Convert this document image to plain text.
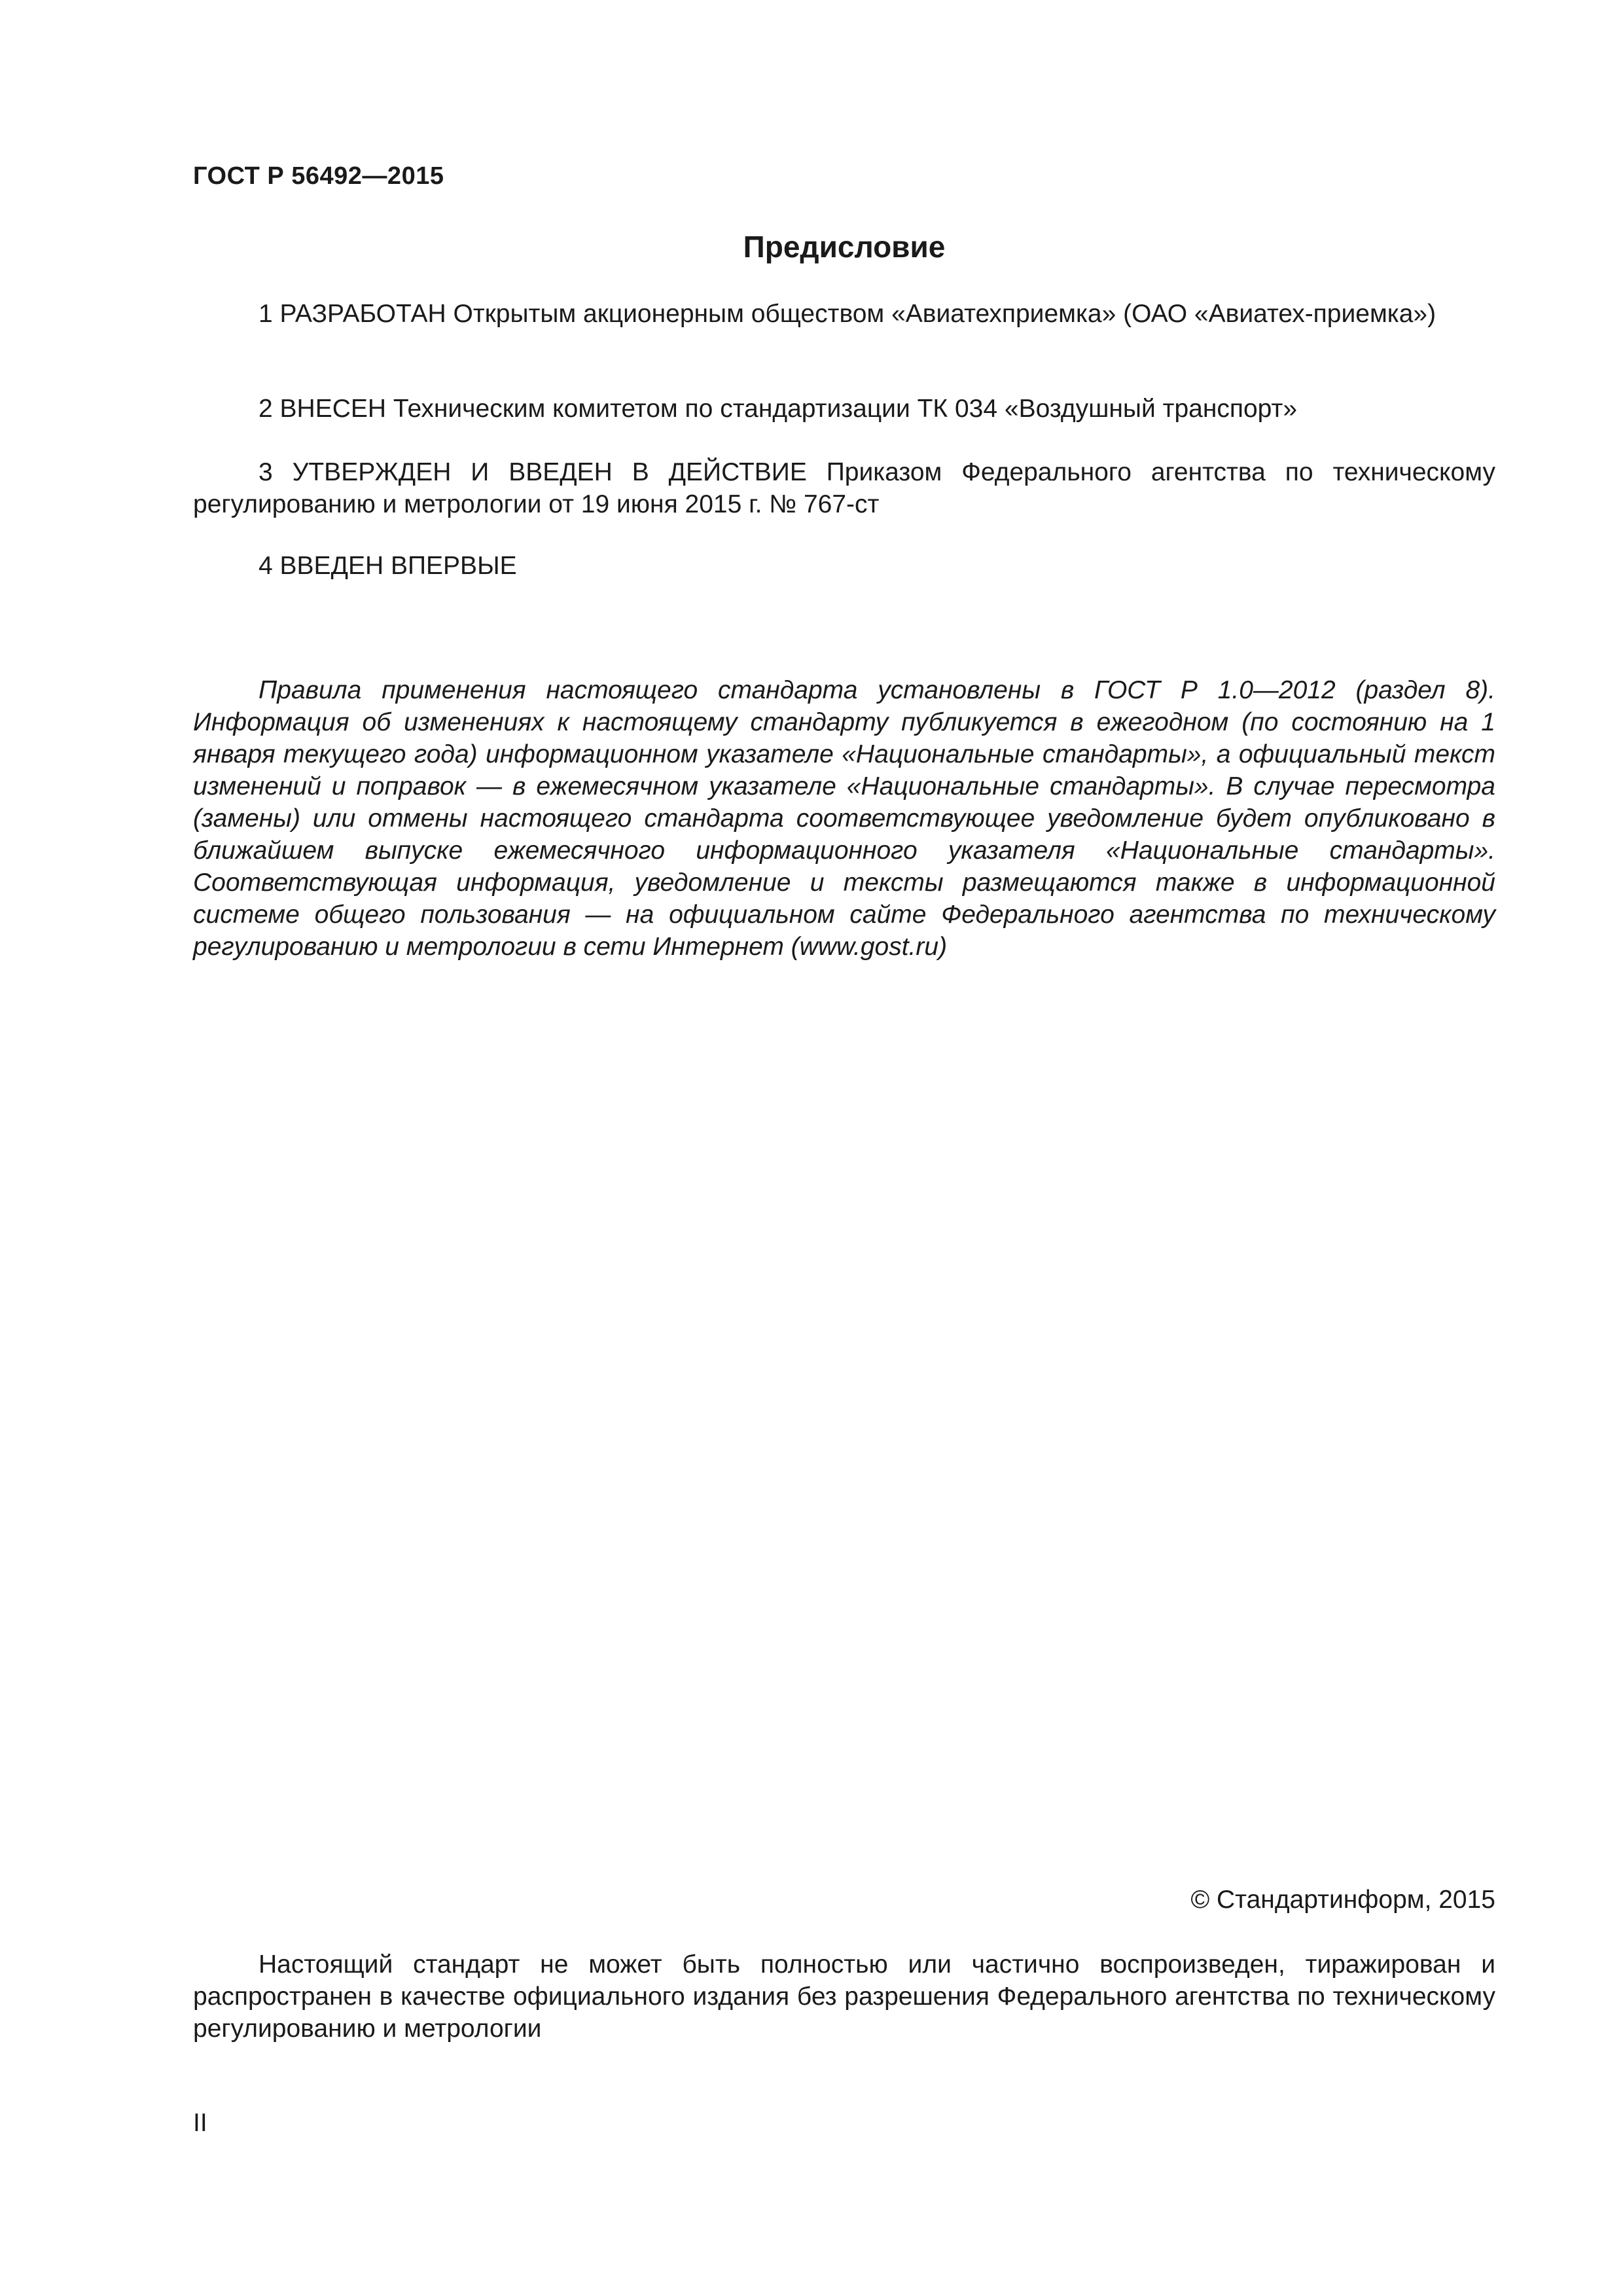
ГОСТ Р 56492—2015
Предисловие

1 РАЗРАБОТАН Открытым акционерным обществом «Авиатехприемка» (ОАО «Авиатех-приемка»)

2 ВНЕСЕН Техническим комитетом по стандартизации ТК 034 «Воздушный транспорт»

3 УТВЕРЖДЕН И ВВЕДЕН В ДЕЙСТВИЕ Приказом Федерального агентства по техническому регулированию и метрологии от 19 июня 2015 г. № 767-ст

4 ВВЕДЕН ВПЕРВЫЕ

Правила применения настоящего стандарта установлены в ГОСТ Р 1.0—2012 (раздел 8). Информация об изменениях к настоящему стандарту публикуется в ежегодном (по состоянию на 1 января текущего года) информационном указателе «Национальные стандарты», а официальный текст изменений и поправок — в ежемесячном указателе «Национальные стандарты». В случае пересмотра (замены) или отмены настоящего стандарта соответствующее уведомление будет опубликовано в ближайшем выпуске ежемесячного информационного указателя «Национальные стандарты». Соответствующая информация, уведомление и тексты размещаются также в информационной системе общего пользования — на официальном сайте Федерального агентства по техническому регулированию и метрологии в сети Интернет (www.gost.ru)

© Стандартинформ, 2015

Настоящий стандарт не может быть полностью или частично воспроизведен, тиражирован и распространен в качестве официального издания без разрешения Федерального агентства по техническому регулированию и метрологии

II
